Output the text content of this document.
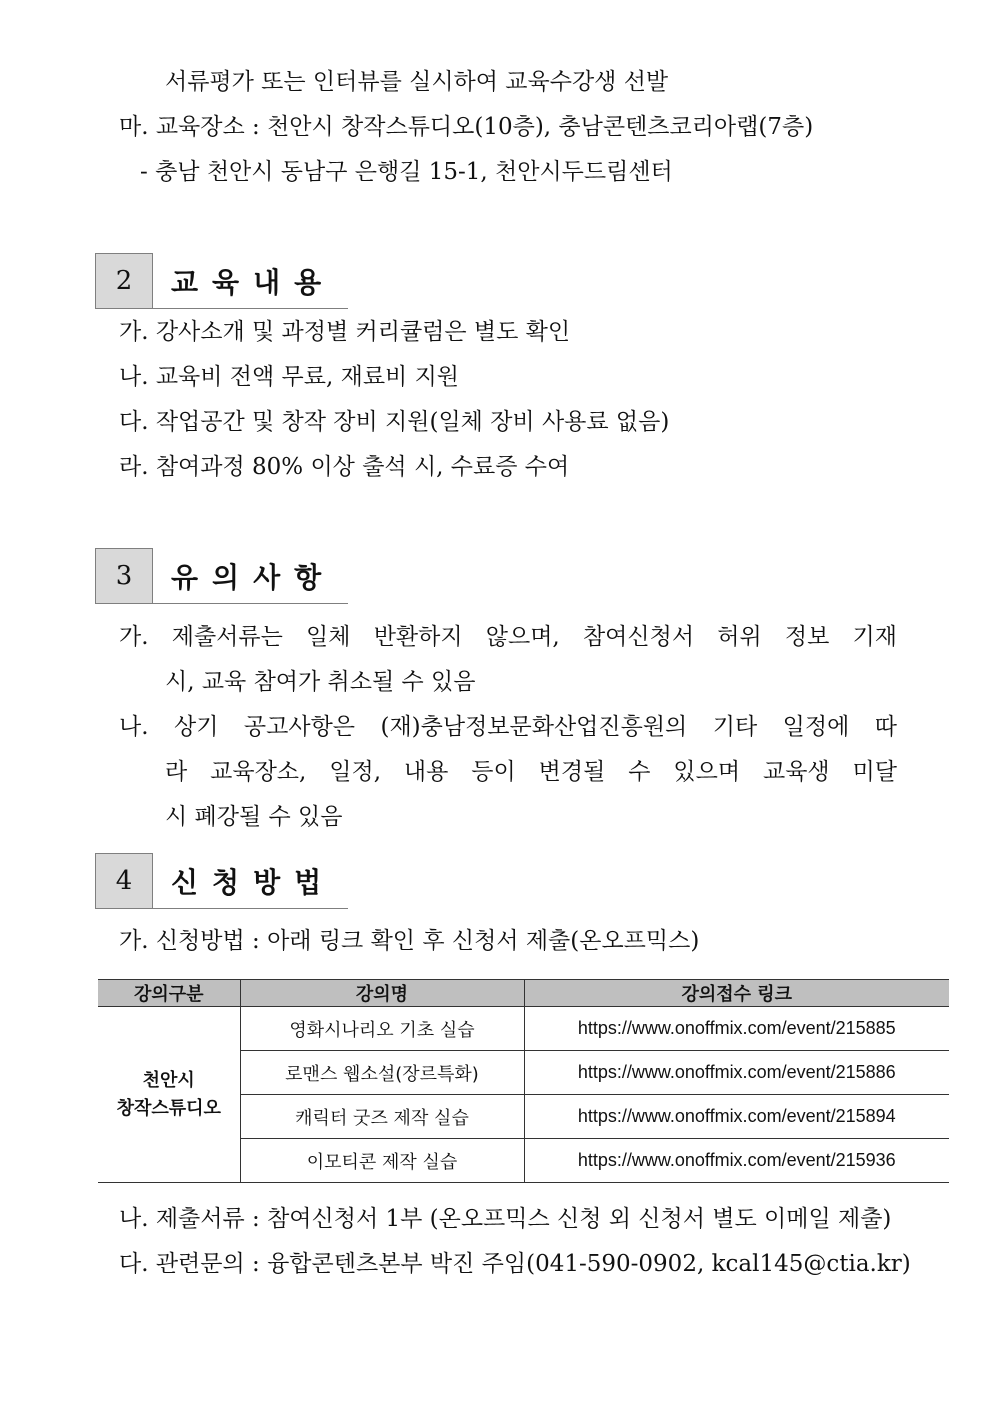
서류평가 또는 인터뷰를 실시하여 교육수강생 선발
마. 교육장소 : 천안시 창작스튜디오(10층), 충남콘텐츠코리아랩(7층)
- 충남 천안시 동남구 은행길 15-1, 천안시두드림센터
2	교육내용
가. 강사소개 및 과정별 커리큘럼은 별도 확인
나. 교육비 전액 무료, 재료비 지원
다. 작업공간 및 창작 장비 지원(일체 장비 사용료 없음)
라. 참여과정 80% 이상 출석 시, 수료증 수여
3	유의사항
가. 제출서류는 일체 반환하지 않으며, 참여신청서 허위 정보 기재
시, 교육 참여가 취소될 수 있음
나. 상기 공고사항은 (재)충남정보문화산업진흥원의 기타 일정에 따
라 교육장소, 일정, 내용 등이 변경될 수 있으며 교육생 미달
시 폐강될 수 있음
4	신청방법
가. 신청방법 : 아래 링크 확인 후 신청서 제출(온오프믹스)
강의구분	강의명	강의접수 링크

천안시
창작스튜디오	영화시나리오 기초 실습	https://www.onoffmix.com/event/215885
	로맨스 웹소설(장르특화)	https://www.onoffmix.com/event/215886
	캐릭터 굿즈 제작 실습	https://www.onoffmix.com/event/215894
	이모티콘 제작 실습	https://www.onoffmix.com/event/215936
나. 제출서류 : 참여신청서 1부 (온오프믹스 신청 외 신청서 별도 이메일 제출)
다. 관련문의 : 융합콘텐츠본부 박진 주임(041-590-0902, kcal145@ctia.kr)
